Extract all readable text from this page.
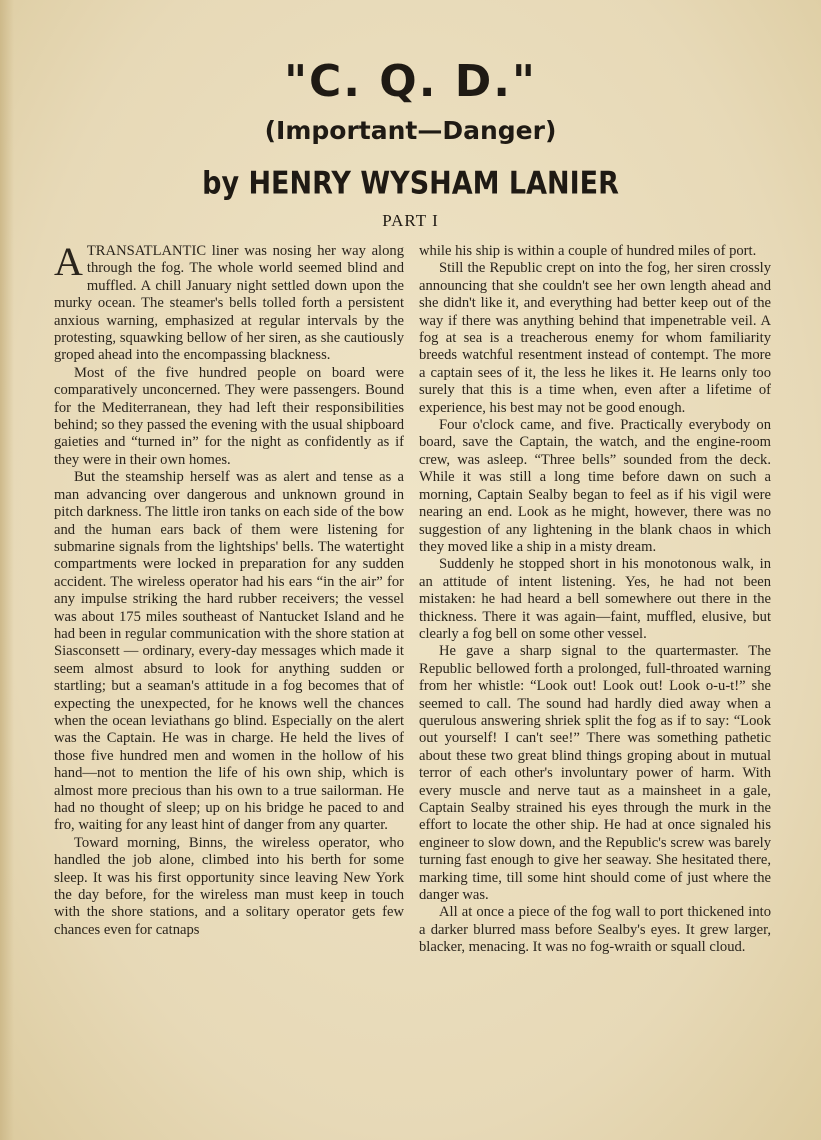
"C. Q. D."
(Important—Danger)
by HENRY WYSHAM LANIER
PART I

ATRANSATLANTIC liner was nosing her way along through the fog. The whole world seemed blind and muffled. A chill January night settled down upon the murky ocean. The steamer's bells tolled forth a persistent anxious warning, emphasized at regular intervals by the protesting, squawking bellow of her siren, as she cautiously groped ahead into the encompassing blackness.

Most of the five hundred people on board were comparatively unconcerned. They were passengers. Bound for the Mediterranean, they had left their responsibilities behind; so they passed the evening with the usual shipboard gaieties and “turned in” for the night as confidently as if they were in their own homes.

But the steamship herself was as alert and tense as a man advancing over dangerous and unknown ground in pitch darkness. The little iron tanks on each side of the bow and the human ears back of them were listening for submarine signals from the lightships' bells. The watertight compartments were locked in preparation for any sudden accident. The wireless operator had his ears “in the air” for any impulse striking the hard rubber receivers; the vessel was about 175 miles southeast of Nantucket Island and he had been in regular communication with the shore station at Siasconsett — ordinary, every-day messages which made it seem almost absurd to look for anything sudden or startling; but a seaman's attitude in a fog becomes that of expecting the unexpected, for he knows well the chances when the ocean leviathans go blind. Especially on the alert was the Captain. He was in charge. He held the lives of those five hundred men and women in the hollow of his hand—not to mention the life of his own ship, which is almost more precious than his own to a true sailorman. He had no thought of sleep; up on his bridge he paced to and fro, waiting for any least hint of danger from any quarter.

Toward morning, Binns, the wireless operator, who handled the job alone, climbed into his berth for some sleep. It was his first opportunity since leaving New York the day before, for the wireless man must keep in touch with the shore stations, and a solitary operator gets few chances even for catnaps

while his ship is within a couple of hundred miles of port.

Still the Republic crept on into the fog, her siren crossly announcing that she couldn't see her own length ahead and she didn't like it, and everything had better keep out of the way if there was anything behind that impenetrable veil. A fog at sea is a treacherous enemy for whom familiarity breeds watchful resentment instead of contempt. The more a captain sees of it, the less he likes it. He learns only too surely that this is a time when, even after a lifetime of experience, his best may not be good enough.

Four o'clock came, and five. Practically everybody on board, save the Captain, the watch, and the engine-room crew, was asleep. “Three bells” sounded from the deck. While it was still a long time before dawn on such a morning, Captain Sealby began to feel as if his vigil were nearing an end. Look as he might, however, there was no suggestion of any lightening in the blank chaos in which they moved like a ship in a misty dream.

Suddenly he stopped short in his monotonous walk, in an attitude of intent listening. Yes, he had not been mistaken: he had heard a bell somewhere out there in the thickness. There it was again—faint, muffled, elusive, but clearly a fog bell on some other vessel.

He gave a sharp signal to the quartermaster. The Republic bellowed forth a prolonged, full-throated warning from her whistle: “Look out! Look out! Look o-u-t!” she seemed to call. The sound had hardly died away when a querulous answering shriek split the fog as if to say: “Look out yourself! I can't see!” There was something pathetic about these two great blind things groping about in mutual terror of each other's involuntary power of harm. With every muscle and nerve taut as a mainsheet in a gale, Captain Sealby strained his eyes through the murk in the effort to locate the other ship. He had at once signaled his engineer to slow down, and the Republic's screw was barely turning fast enough to give her seaway. She hesitated there, marking time, till some hint should come of just where the danger was.

All at once a piece of the fog wall to port thickened into a darker blurred mass before Sealby's eyes. It grew larger, blacker, menacing. It was no fog-wraith or squall cloud.
